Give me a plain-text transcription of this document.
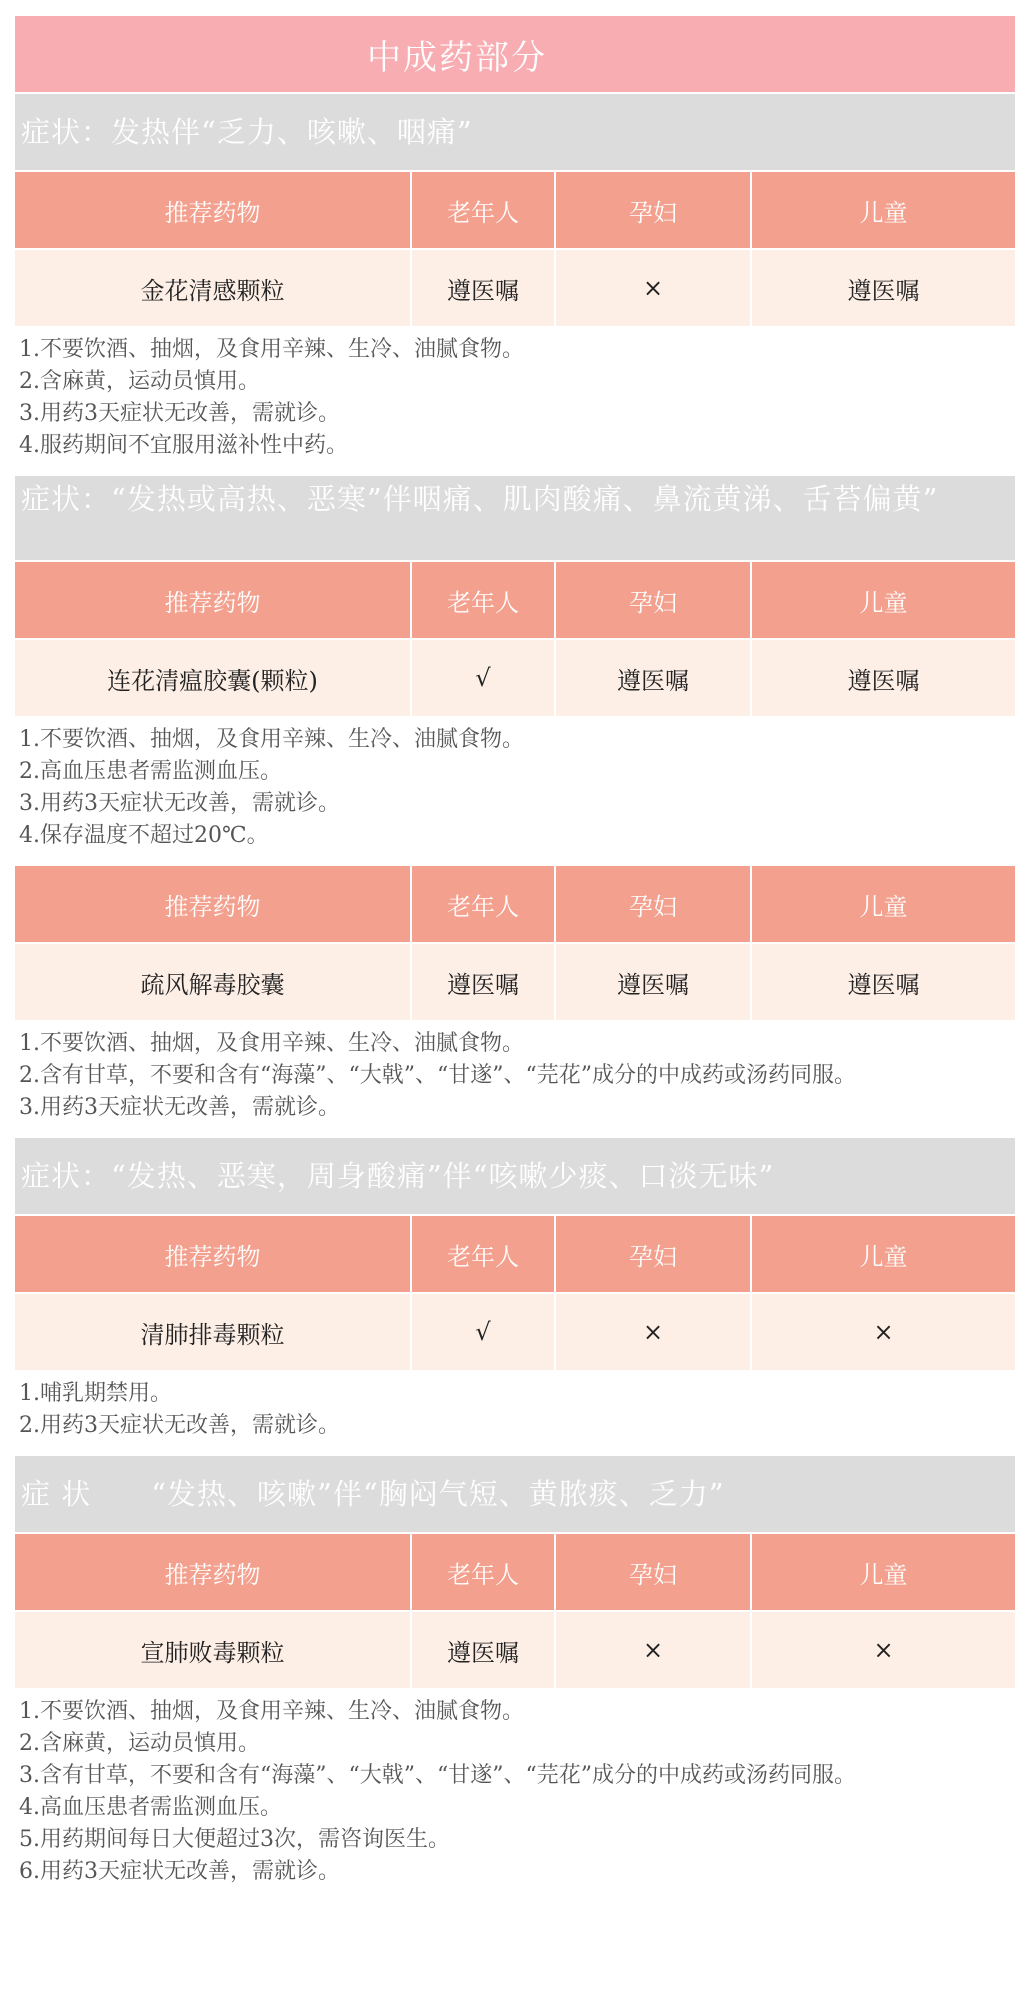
中成药部分
症状：发热伴“乏力、咳嗽、咽痛”
推荐药物	老年人	孕妇	儿童
金花清感颗粒	遵医嘱	×	遵医嘱
1.不要饮酒、抽烟，及食用辛辣、生冷、油腻食物。
2.含麻黄，运动员慎用。
3.用药3天症状无改善，需就诊。
4.服药期间不宜服用滋补性中药。
症状：“发热或高热、恶寒”伴咽痛、肌肉酸痛、鼻流黄涕、舌苔偏黄”
推荐药物	老年人	孕妇	儿童
连花清瘟胶囊(颗粒)	√	遵医嘱	遵医嘱
1.不要饮酒、抽烟，及食用辛辣、生冷、油腻食物。
2.高血压患者需监测血压。
3.用药3天症状无改善，需就诊。
4.保存温度不超过20℃。
推荐药物	老年人	孕妇	儿童
疏风解毒胶囊	遵医嘱	遵医嘱	遵医嘱
1.不要饮酒、抽烟，及食用辛辣、生冷、油腻食物。
2.含有甘草，不要和含有“海藻”、“大戟”、“甘遂”、“芫花”成分的中成药或汤药同服。
3.用药3天症状无改善，需就诊。
症状：“发热、恶寒，周身酸痛”伴“咳嗽少痰、口淡无味”
推荐药物	老年人	孕妇	儿童
清肺排毒颗粒	√	×	×
1.哺乳期禁用。
2.用药3天症状无改善，需就诊。
症 状　　“发热、咳嗽”伴“胸闷气短、黄脓痰、乏力”
推荐药物	老年人	孕妇	儿童
宣肺败毒颗粒	遵医嘱	×	×
1.不要饮酒、抽烟，及食用辛辣、生冷、油腻食物。
2.含麻黄，运动员慎用。
3.含有甘草，不要和含有“海藻”、“大戟”、“甘遂”、“芫花”成分的中成药或汤药同服。
4.高血压患者需监测血压。
5.用药期间每日大便超过3次，需咨询医生。
6.用药3天症状无改善，需就诊。
